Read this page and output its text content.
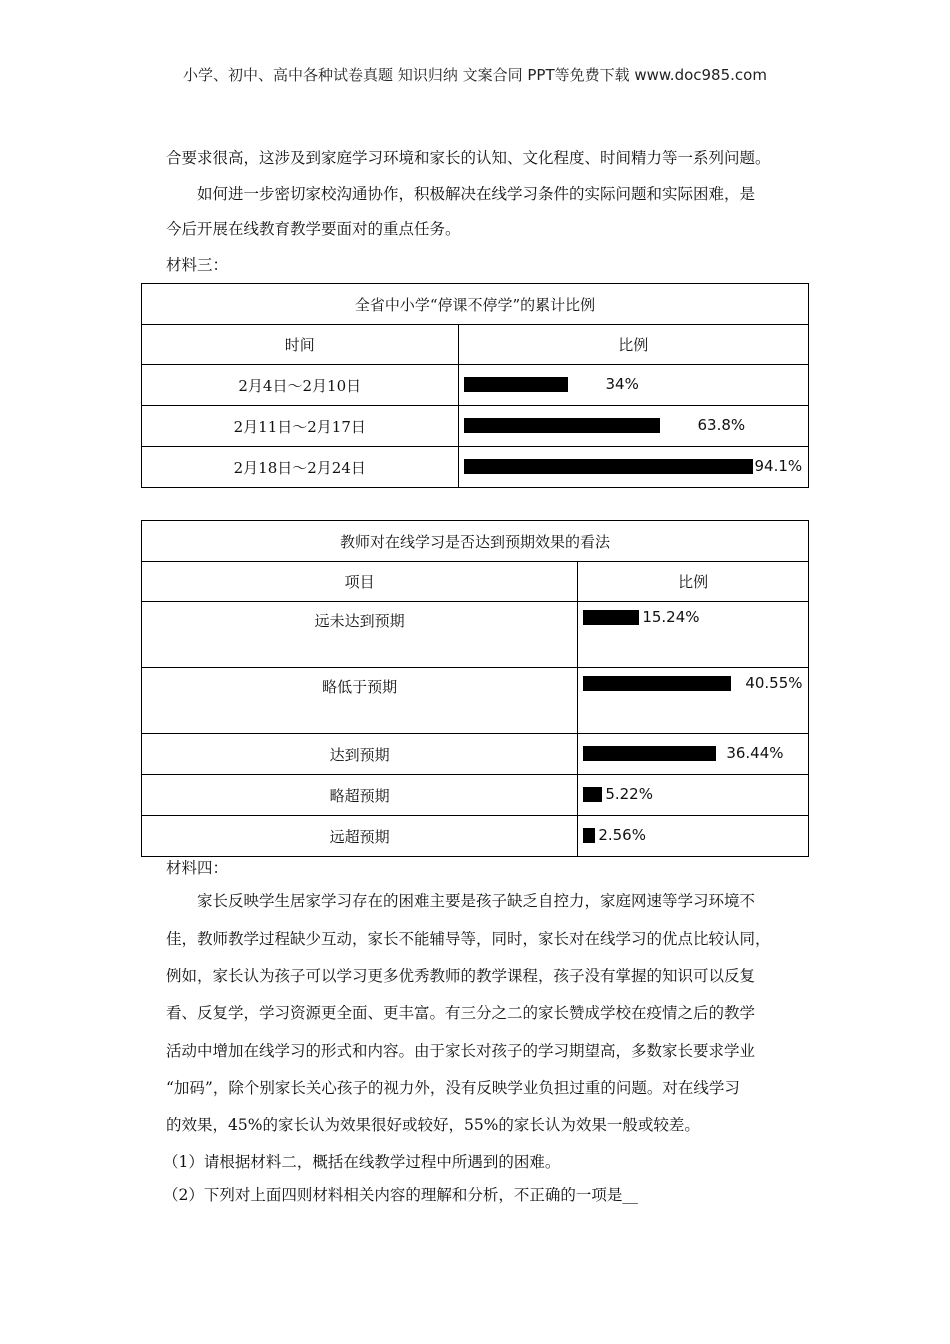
小学、初中、高中各种试卷真题 知识归纳 文案合同 PPT等免费下载 www.doc985.com
合要求很高，这涉及到家庭学习环境和家长的认知、文化程度、时间精力等一系列问题。
如何进一步密切家校沟通协作，积极解决在线学习条件的实际问题和实际困难，是
今后开展在线教育教学要面对的重点任务。
材料三：
全省中小学“停课不停学”的累计比例	
时间	比例
2月4日～2月10日	34%

2月11日～2月17日	63.8%

2月18日～2月24日	94.1%
教师对在线学习是否达到预期效果的看法	
项目	比例
远未达到预期	15.24%

略低于预期	40.55%

达到预期	36.44%

略超预期	5.22%

远超预期	2.56%
材料四：
家长反映学生居家学习存在的困难主要是孩子缺乏自控力，家庭网速等学习环境不
佳，教师教学过程缺少互动，家长不能辅导等，同时，家长对在线学习的优点比较认同，
例如，家长认为孩子可以学习更多优秀教师的教学课程，孩子没有掌握的知识可以反复
看、反复学，学习资源更全面、更丰富。有三分之二的家长赞成学校在疫情之后的教学
活动中增加在线学习的形式和内容。由于家长对孩子的学习期望高，多数家长要求学业
“加码”，除个别家长关心孩子的视力外，没有反映学业负担过重的问题。对在线学习
的效果，45%的家长认为效果很好或较好，55%的家长认为效果一般或较差。
（1）请根据材料二，概括在线教学过程中所遇到的困难。
（2）下列对上面四则材料相关内容的理解和分析，不正确的一项是__
